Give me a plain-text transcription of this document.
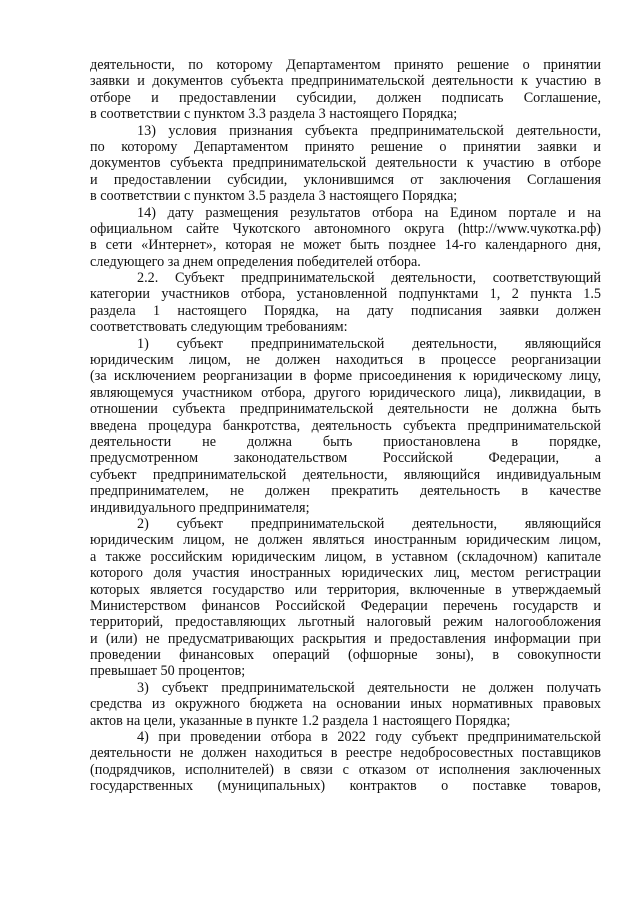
деятельности, по которому Департаментом принято решение о принятии
заявки и документов субъекта предпринимательской деятельности к участию в
отборе и предоставлении субсидии, должен подписать Соглашение,
в соответствии с пунктом 3.3 раздела 3 настоящего Порядка;
13) условия признания субъекта предпринимательской деятельности,
по которому Департаментом принято решение о принятии заявки и
документов субъекта предпринимательской деятельности к участию в отборе
и предоставлении субсидии, уклонившимся от заключения Соглашения
в соответствии с пунктом 3.5 раздела 3 настоящего Порядка;
14) дату размещения результатов отбора на Едином портале и на
официальном сайте Чукотского автономного округа (http://www.чукотка.рф)
в сети «Интернет», которая не может быть позднее 14-го календарного дня,
следующего за днем определения победителей отбора.
2.2. Субъект предпринимательской деятельности, соответствующий
категории участников отбора, установленной подпунктами 1, 2 пункта 1.5
раздела 1 настоящего Порядка, на дату подписания заявки должен
соответствовать следующим требованиям:
1) субъект предпринимательской деятельности, являющийся
юридическим лицом, не должен находиться в процессе реорганизации
(за исключением реорганизации в форме присоединения к юридическому лицу,
являющемуся участником отбора, другого юридического лица), ликвидации, в
отношении субъекта предпринимательской деятельности не должна быть
введена процедура банкротства, деятельность субъекта предпринимательской
деятельности не должна быть приостановлена в порядке,
предусмотренном законодательством Российской Федерации, а
субъект предпринимательской деятельности, являющийся индивидуальным
предпринимателем, не должен прекратить деятельность в качестве
индивидуального предпринимателя;
2) субъект предпринимательской деятельности, являющийся
юридическим лицом, не должен являться иностранным юридическим лицом,
а также российским юридическим лицом, в уставном (складочном) капитале
которого доля участия иностранных юридических лиц, местом регистрации
которых является государство или территория, включенные в утверждаемый
Министерством финансов Российской Федерации перечень государств и
территорий, предоставляющих льготный налоговый режим налогообложения
и (или) не предусматривающих раскрытия и предоставления информации при
проведении финансовых операций (офшорные зоны), в совокупности
превышает 50 процентов;
3) субъект предпринимательской деятельности не должен получать
средства из окружного бюджета на основании иных нормативных правовых
актов на цели, указанные в пункте 1.2 раздела 1 настоящего Порядка;
4) при проведении отбора в 2022 году субъект предпринимательской
деятельности не должен находиться в реестре недобросовестных поставщиков
(подрядчиков, исполнителей) в связи с отказом от исполнения заключенных
государственных (муниципальных) контрактов о поставке товаров,
